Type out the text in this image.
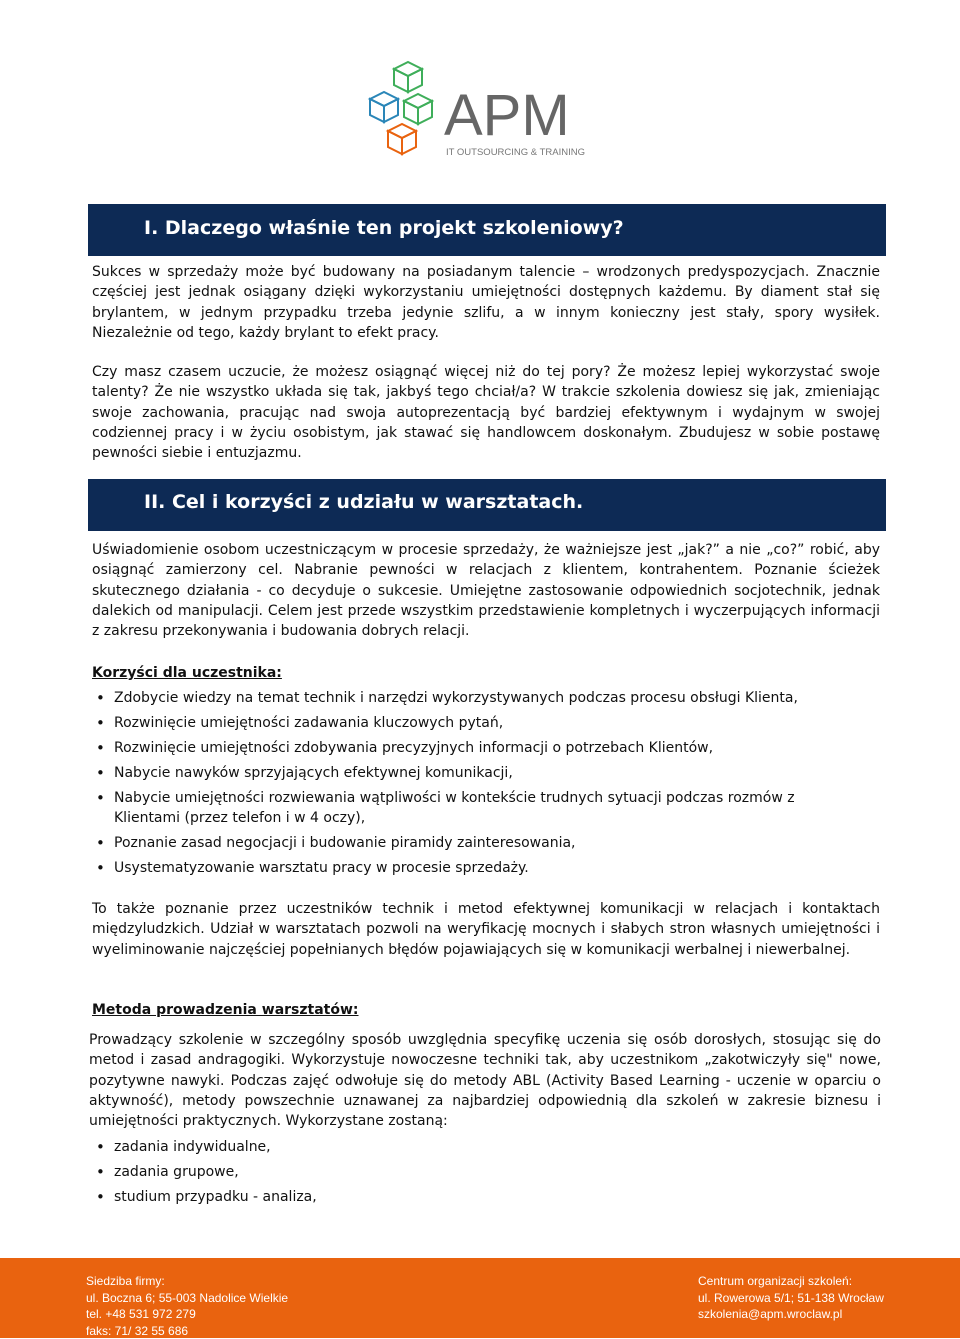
APM
IT OUTSOURCING & TRAINING
I. Dlaczego właśnie ten projekt szkoleniowy?

Sukces w sprzedaży może być budowany na posiadanym talencie – wrodzonych predyspozycjach. Znacznie częściej jest jednak osiągany dzięki wykorzystaniu umiejętności dostępnych każdemu. By diament stał się brylantem, w jednym przypadku trzeba jedynie szlifu, a w innym konieczny jest stały, spory wysiłek. Niezależnie od tego, każdy brylant to efekt pracy.

Czy masz czasem uczucie, że możesz osiągnąć więcej niż do tej pory? Że możesz lepiej wykorzystać swoje talenty? Że nie wszystko układa się tak, jakbyś tego chciał/a? W trakcie szkolenia dowiesz się jak, zmieniając swoje zachowania, pracując nad swoja autoprezentacją być bardziej efektywnym i wydajnym w swojej codziennej pracy i w życiu osobistym, jak stawać się handlowcem doskonałym. Zbudujesz w sobie postawę pewności siebie i entuzjazmu.

II. Cel i korzyści z udziału w warsztatach.

Uświadomienie osobom uczestniczącym w procesie sprzedaży, że ważniejsze jest „jak?” a nie „co?” robić, aby osiągnąć zamierzony cel. Nabranie pewności w relacjach z klientem, kontrahentem. Poznanie ścieżek skutecznego działania - co decyduje o sukcesie. Umiejętne zastosowanie odpowiednich socjotechnik, jednak dalekich od manipulacji. Celem jest przede wszystkim przedstawienie kompletnych i wyczerpujących informacji z zakresu przekonywania i budowania dobrych relacji.

Korzyści dla uczestnika:
• Zdobycie wiedzy na temat technik i narzędzi wykorzystywanych podczas procesu obsługi Klienta,
• Rozwinięcie umiejętności zadawania kluczowych pytań,
• Rozwinięcie umiejętności zdobywania precyzyjnych informacji o potrzebach Klientów,
• Nabycie nawyków sprzyjających efektywnej komunikacji,
• Nabycie umiejętności rozwiewania wątpliwości w kontekście trudnych sytuacji podczas rozmów z Klientami (przez telefon i w 4 oczy),
• Poznanie zasad negocjacji i budowanie piramidy zainteresowania,
• Usystematyzowanie warsztatu pracy w procesie sprzedaży.

To także poznanie przez uczestników technik i metod efektywnej komunikacji w relacjach i kontaktach międzyludzkich. Udział w warsztatach pozwoli na weryfikację mocnych i słabych stron własnych umiejętności i wyeliminowanie najczęściej popełnianych błędów pojawiających się w komunikacji werbalnej i niewerbalnej.

Metoda prowadzenia warsztatów:

Prowadzący szkolenie w szczególny sposób uwzględnia specyfikę uczenia się osób dorosłych, stosując się do metod i zasad andragogiki. Wykorzystuje nowoczesne techniki tak, aby uczestnikom „zakotwiczyły się" nowe, pozytywne nawyki. Podczas zajęć odwołuje się do metody ABL (Activity Based Learning - uczenie w oparciu o aktywność), metody powszechnie uznawanej za najbardziej odpowiednią dla szkoleń w zakresie biznesu i umiejętności praktycznych. Wykorzystane zostaną:

• zadania indywidualne,
• zadania grupowe,
• studium przypadku - analiza,
Siedziba firmy:
ul. Boczna 6; 55-003 Nadolice Wielkie
tel. +48 531 972 279
faks: 71/ 32 55 686
Centrum organizacji szkoleń:
ul. Rowerowa 5/1; 51-138 Wrocław
szkolenia@apm.wroclaw.pl
